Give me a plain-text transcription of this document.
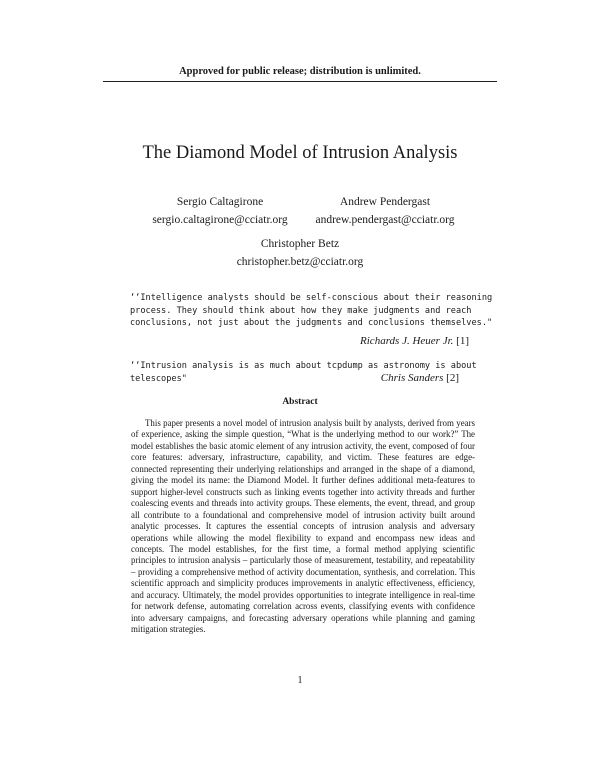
Approved for public release; distribution is unlimited.
The Diamond Model of Intrusion Analysis
Sergio Caltagirone
sergio.caltagirone@cciatr.org
Andrew Pendergast
andrew.pendergast@cciatr.org
Christopher Betz
christopher.betz@cciatr.org
‘‘Intelligence analysts should be self-conscious about their reasoning
process. They should think about how they make judgments and reach
conclusions, not just about the judgments and conclusions themselves."
Richards J. Heuer Jr. [1]
‘‘Intrusion analysis is as much about tcpdump as astronomy is about
telescopes"	Chris Sanders [2]
Abstract

This paper presents a novel model of intrusion analysis built by analysts, derived from years of experience, asking the simple question, “What is the underlying method to our work?” The model establishes the basic atomic element of any intrusion activity, the event, composed of four core features: adversary, infrastructure, capability, and victim. These features are edge-connected representing their underlying relationships and arranged in the shape of a diamond, giving the model its name: the Diamond Model. It further defines additional meta-features to support higher-level constructs such as linking events together into activity threads and further coalescing events and threads into activity groups. These elements, the event, thread, and group all contribute to a foundational and comprehensive model of intrusion activity built around analytic processes. It captures the essential concepts of intrusion analysis and adversary operations while allowing the model flexibility to expand and encompass new ideas and concepts. The model establishes, for the first time, a formal method applying scientific principles to intrusion analysis – particularly those of measurement, testability, and repeatability – providing a comprehensive method of activity documentation, synthesis, and correlation. This scientific approach and simplicity produces improvements in analytic effectiveness, efficiency, and accuracy. Ultimately, the model provides opportunities to integrate intelligence in real-time for network defense, automating correlation across events, classifying events with confidence into adversary campaigns, and forecasting adversary operations while planning and gaming mitigation strategies.

1
